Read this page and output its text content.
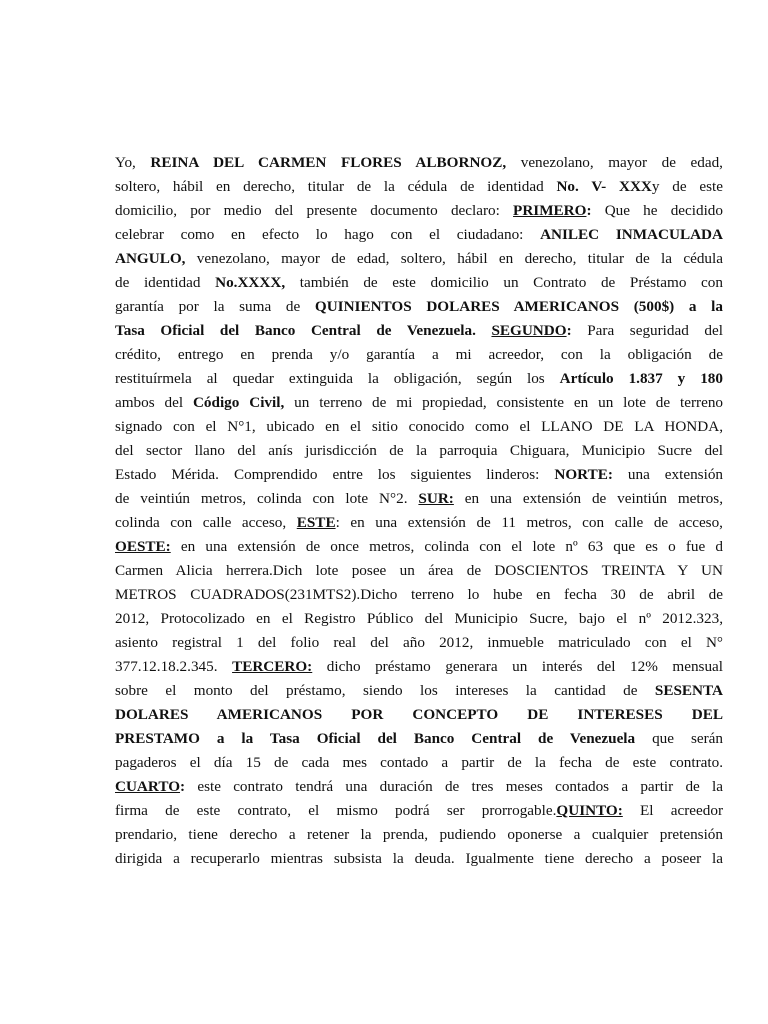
Yo, REINA DEL CARMEN FLORES ALBORNOZ, venezolano, mayor de edad,
soltero, hábil en derecho, titular de la cédula de identidad No. V- XXXy de este
domicilio, por medio del presente documento declaro: PRIMERO: Que he decidido
celebrar como en efecto lo hago con el ciudadano: ANILEC INMACULADA
ANGULO, venezolano, mayor de edad, soltero, hábil en derecho, titular de la cédula
de identidad No.XXXX, también de este domicilio un Contrato de Préstamo con
garantía por la suma de QUINIENTOS DOLARES AMERICANOS (500$) a la
Tasa Oficial del Banco Central de Venezuela. SEGUNDO: Para seguridad del
crédito, entrego en prenda y/o garantía a mi acreedor, con la obligación de
restituírmela al quedar extinguida la obligación, según los Artículo 1.837 y 180
ambos del Código Civil, un terreno de mi propiedad, consistente en un lote de terreno
signado con el N°1, ubicado en el sitio conocido como el LLANO DE LA HONDA,
del sector llano del anís jurisdicción de la parroquia Chiguara, Municipio Sucre del
Estado Mérida. Comprendido entre los siguientes linderos: NORTE: una extensión
de veintiún metros, colinda con lote N°2. SUR: en una extensión de veintiún metros,
colinda con calle acceso, ESTE: en una extensión de 11 metros, con calle de acceso,
OESTE: en una extensión de once metros, colinda con el lote nº 63 que es o fue d
Carmen Alicia herrera.Dich lote posee un área de DOSCIENTOS TREINTA Y UN
METROS CUADRADOS(231MTS2).Dicho terreno lo hube en fecha 30 de abril de
2012, Protocolizado en el Registro Público del Municipio Sucre, bajo el nº 2012.323,
asiento registral 1 del folio real del año 2012, inmueble matriculado con el N°
377.12.18.2.345. TERCERO: dicho préstamo generara un interés del 12% mensual
sobre el monto del préstamo, siendo los intereses la cantidad de SESENTA
DOLARES AMERICANOS POR CONCEPTO DE INTERESES DEL
PRESTAMO a la Tasa Oficial del Banco Central de Venezuela que serán
pagaderos el día 15 de cada mes contado a partir de la fecha de este contrato.
CUARTO: este contrato tendrá una duración de tres meses contados a partir de la
firma de este contrato, el mismo podrá ser prorrogable.QUINTO: El acreedor
prendario, tiene derecho a retener la prenda, pudiendo oponerse a cualquier pretensión
dirigida a recuperarlo mientras subsista la deuda. Igualmente tiene derecho a poseer la
